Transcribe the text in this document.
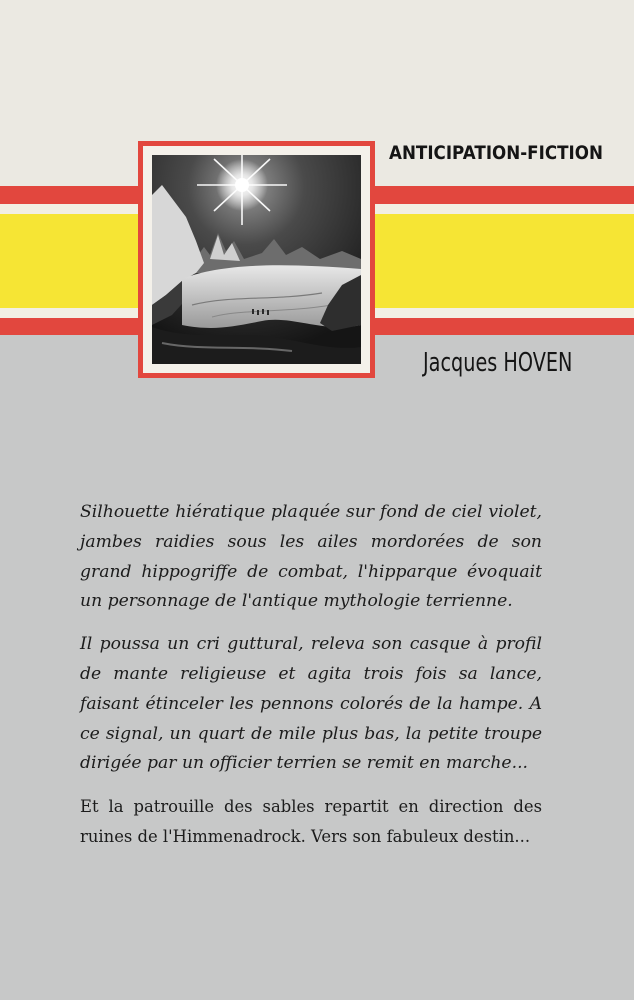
ANTICIPATION-FICTION
Jacques HOVEN

Silhouette hiératique plaquée sur fond de ciel violet, jambes raidies sous les ailes mordorées de son grand hippogriffe de combat, l'hipparque évoquait un personnage de l'antique mythologie terrienne.

Il poussa un cri guttural, releva son casque à profil de mante religieuse et agita trois fois sa lance, faisant étinceler les pennons colorés de la hampe. A ce signal, un quart de mile plus bas, la petite troupe dirigée par un officier terrien se remit en marche...

Et la patrouille des sables repartit en direction des ruines de l'Himmenadrock. Vers son fabuleux destin...
